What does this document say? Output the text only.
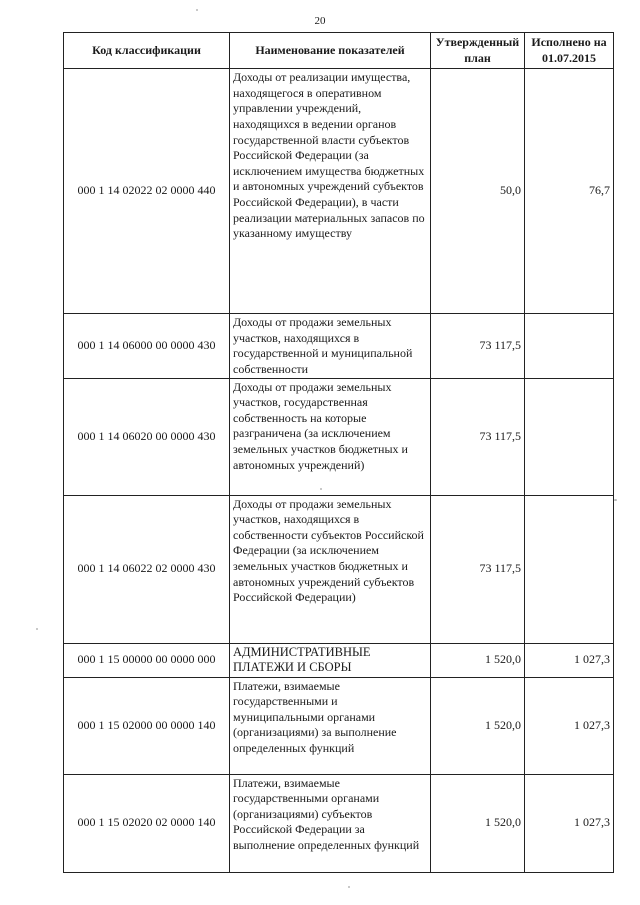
20
Код классификации	Наименование показателей	Утвержденный план	Исполнено на 01.07.2015

000 1 14 02022 02 0000 440	Доходы от реализации имущества, находящегося в оперативном управлении учреждений, находящихся в ведении органов государственной власти субъектов Российской Федерации (за исключением имущества бюджетных и автономных учреждений субъектов Российской Федерации), в части реализации материальных запасов по указанному имуществу	50,0	76,7

000 1 14 06000 00 0000 430	Доходы от продажи земельных участков, находящихся в государственной и муниципальной собственности	73 117,5	

000 1 14 06020 00 0000 430	Доходы от продажи земельных участков, государственная собственность на которые разграничена (за исключением земельных участков бюджетных и автономных учреждений)	73 117,5	

000 1 14 06022 02 0000 430	Доходы от продажи земельных участков, находящихся в собственности субъектов Российской Федерации (за исключением земельных участков бюджетных и автономных учреждений субъектов Российской Федерации)	73 117,5	

000 1 15 00000 00 0000 000	АДМИНИСТРАТИВНЫЕ ПЛАТЕЖИ И СБОРЫ	1 520,0	1 027,3

000 1 15 02000 00 0000 140	Платежи, взимаемые государственными и муниципальными органами (организациями) за выполнение определенных функций	1 520,0	1 027,3

000 1 15 02020 02 0000 140	Платежи, взимаемые государственными органами (организациями) субъектов Российской Федерации за выполнение определенных функций	1 520,0	1 027,3
